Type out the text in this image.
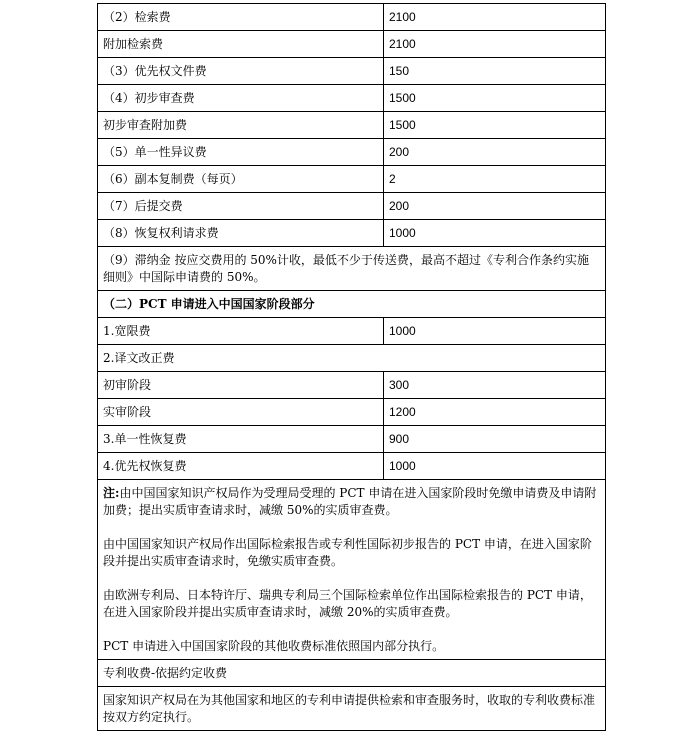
（2）检索费	2100
附加检索费	2100
（3）优先权文件费	150
（4）初步审查费	1500
初步审查附加费	1500
（5）单一性异议费	200
（6）副本复制费（每页）	2
（7）后提交费	200
（8）恢复权利请求费	1000
（9）滞纳金 按应交费用的 50%计收，最低不少于传送费，最高不超过《专利合作条约实施细则》中国际申请费的 50%。	
（二）PCT 申请进入中国国家阶段部分	
1.宽限费	1000
2.译文改正费	
初审阶段	300
实审阶段	1200
3.单一性恢复费	900
4.优先权恢复费	1000

注:由中国国家知识产权局作为受理局受理的 PCT 申请在进入国家阶段时免缴申请费及申请附加费；提出实质审查请求时，减缴 50%的实质审查费。

由中国国家知识产权局作出国际检索报告或专利性国际初步报告的 PCT 申请，在进入国家阶段并提出实质审查请求时，免缴实质审查费。

由欧洲专利局、日本特许厅、瑞典专利局三个国际检索单位作出国际检索报告的 PCT 申请，在进入国家阶段并提出实质审查请求时，减缴 20%的实质审查费。

PCT 申请进入中国国家阶段的其他收费标准依照国内部分执行。	

专利收费-依据约定收费	
国家知识产权局在为其他国家和地区的专利申请提供检索和审查服务时，收取的专利收费标准按双方约定执行。	
